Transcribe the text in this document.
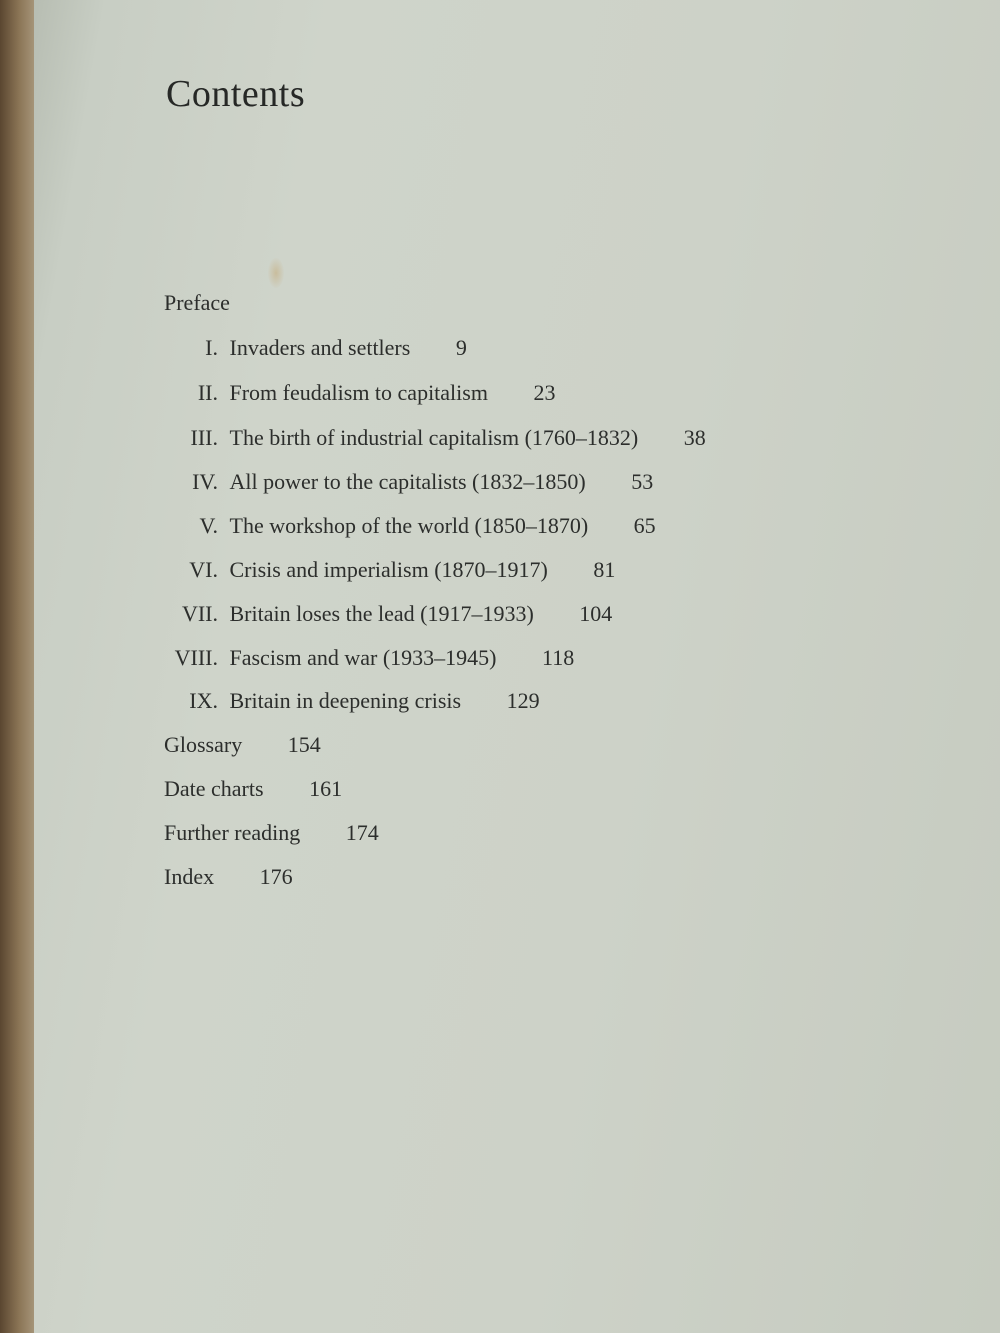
Contents
Preface
I. Invaders and settlers 9
II. From feudalism to capitalism 23
III. The birth of industrial capitalism (1760–1832) 38
IV. All power to the capitalists (1832–1850) 53
V. The workshop of the world (1850–1870) 65
VI. Crisis and imperialism (1870–1917) 81
VII. Britain loses the lead (1917–1933) 104
VIII. Fascism and war (1933–1945) 118
IX. Britain in deepening crisis 129
Glossary 154
Date charts 161
Further reading 174
Index 176
